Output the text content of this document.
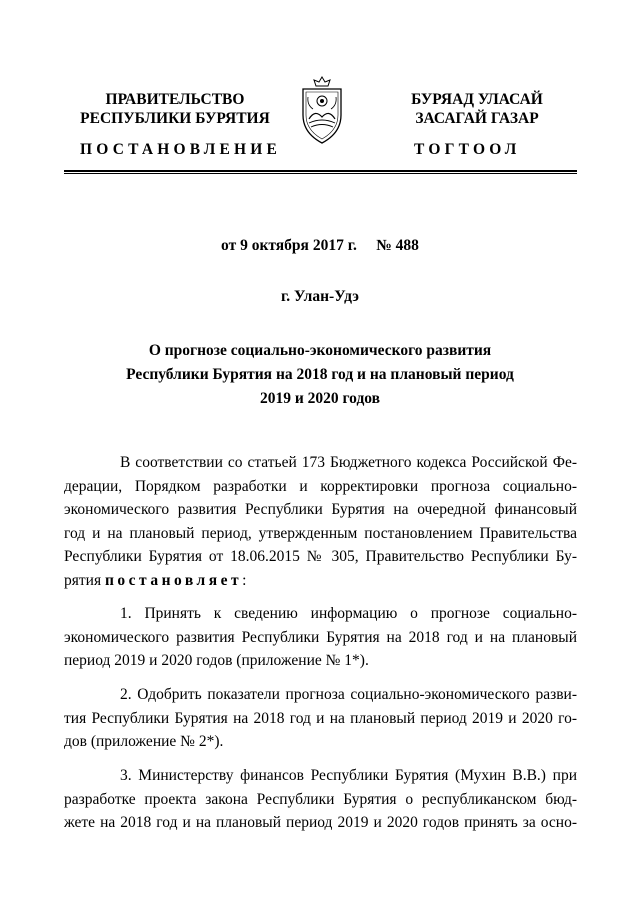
ПРАВИТЕЛЬСТВО
РЕСПУБЛИКИ БУРЯТИЯ
БУРЯАД УЛАСАЙ
ЗАСАГАЙ ГАЗАР
ПОСТАНОВЛЕНИЕ	ТОГТООЛ
от 9 октября 2017 г.     № 488
г. Улан-Удэ
О прогнозе социально-экономического развития
Республики Бурятия на 2018 год и на плановый период
2019 и 2020 годов
В соответствии со статьей 173 Бюджетного кодекса Российской Фе-
дерации, Порядком разработки и корректировки прогноза социально-
экономического развития Республики Бурятия на очередной финансовый
год и на плановый период, утвержденным постановлением Правительства
Республики Бурятия от 18.06.2015 № 305, Правительство Республики Бу-
рятия постановляет:
1. Принять к сведению информацию о прогнозе социально-
экономического развития Республики Бурятия на 2018 год и на плановый
период 2019 и 2020 годов (приложение № 1*).
2. Одобрить показатели прогноза социально-экономического разви-
тия Республики Бурятия на 2018 год и на плановый период 2019 и 2020 го-
дов (приложение № 2*).
3. Министерству финансов Республики Бурятия (Мухин В.В.) при
разработке проекта закона Республики Бурятия о республиканском бюд-
жете на 2018 год и на плановый период 2019 и 2020 годов принять за осно-
